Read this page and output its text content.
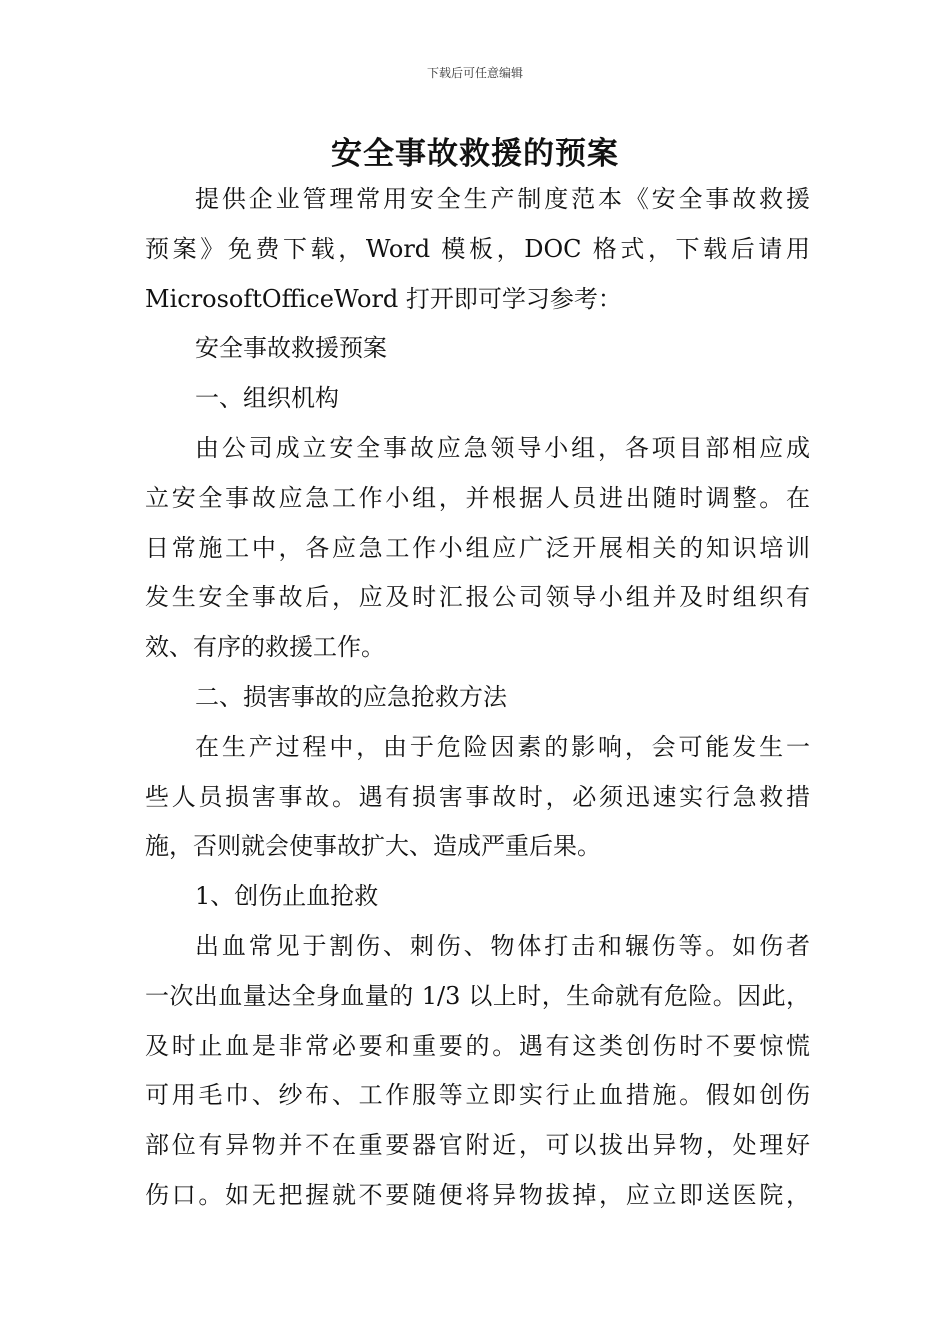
下载后可任意编辑
安全事故救援的预案
提供企业管理常用安全生产制度范本《安全事故救援
预案》免费下载，Word 模板，DOC 格式，下载后请用
MicrosoftOfficeWord 打开即可学习参考：
安全事故救援预案
一、组织机构
由公司成立安全事故应急领导小组，各项目部相应成
立安全事故应急工作小组，并根据人员进出随时调整。在
日常施工中，各应急工作小组应广泛开展相关的知识培训
发生安全事故后，应及时汇报公司领导小组并及时组织有
效、有序的救援工作。
二、损害事故的应急抢救方法
在生产过程中，由于危险因素的影响，会可能发生一
些人员损害事故。遇有损害事故时，必须迅速实行急救措
施，否则就会使事故扩大、造成严重后果。
1、创伤止血抢救
出血常见于割伤、刺伤、物体打击和辗伤等。如伤者
一次出血量达全身血量的 1/3 以上时，生命就有危险。因此，
及时止血是非常必要和重要的。遇有这类创伤时不要惊慌
可用毛巾、纱布、工作服等立即实行止血措施。假如创伤
部位有异物并不在重要器官附近，可以拔出异物，处理好
伤口。如无把握就不要随便将异物拔掉，应立即送医院，
